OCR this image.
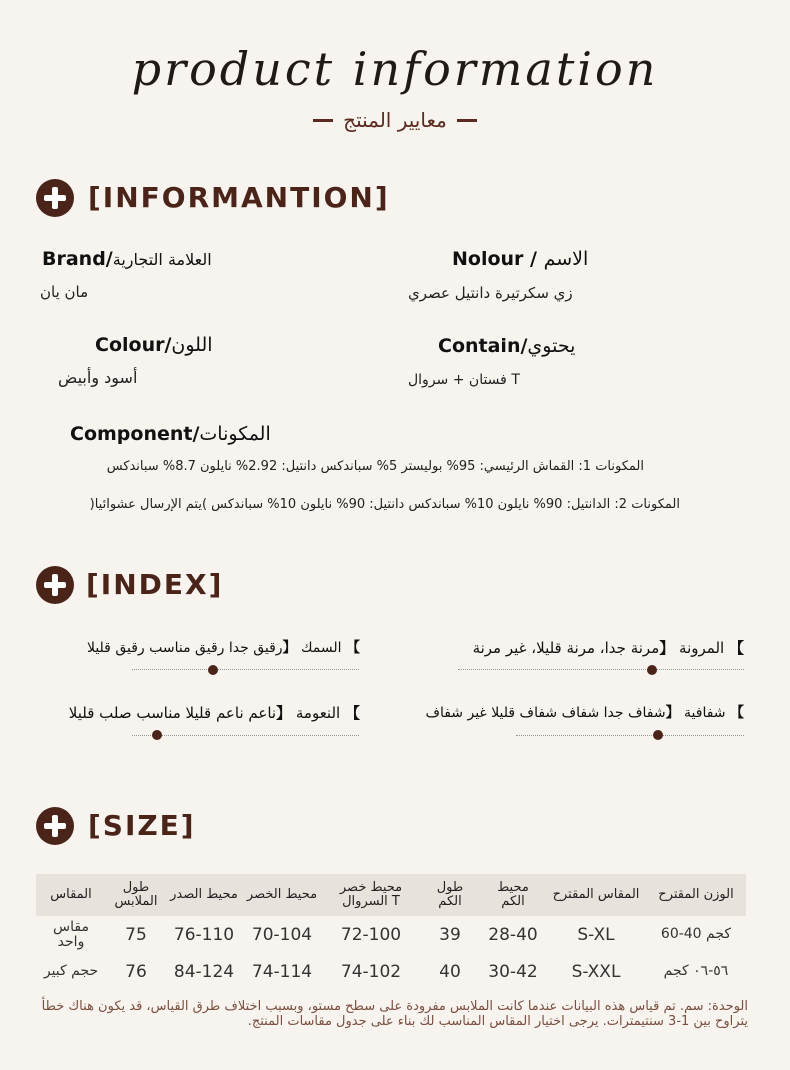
product information
معايير المنتج
[INFORMANTION]
Brand/العلامة التجارية
مان يان
Nolour / الاسم
زي سكرتيرة دانتيل عصري
Colour/اللون
أسود وأبيض
Contain/يحتوي
فستان + سروال T
Component/المكونات
المكونات 1: القماش الرئيسي: 95% بوليستر 5% سباندكس دانتيل: 2.92% نايلون 8.7% سباندكس
المكونات 2: الدانتيل: 90% نايلون 10% سباندكس دانتيل: 90% نايلون 10% سباندكس )يتم الإرسال عشوائيا(
[INDEX]
】 المرونة 【مرنة جدا، مرنة قليلا، غير مرنة
】 السمك 【رقيق جدا رقيق مناسب رقيق قليلا
】 شفافية 【شفاف جدا شفاف شفاف قليلا غير شفاف
】 النعومة 【ناعم ناعم قليلا مناسب صلب قليلا
[SIZE]
المقاس	طول الملابس	محيط الصدر	محيط الخصر	محيط خصر السروال T	طول الكم	محيط الكم	المقاس المقترح	الوزن المقترح
مقاس واحد	75	76-110	70-104	72-100	39	28-40	S-XL	60-40 كجم
حجم كبير	76	84-124	74-114	74-102	40	30-42	S-XXL	٥٦-٠٦ كجم
الوحدة: سم. تم قياس هذه البيانات عندما كانت الملابس مفرودة على سطح مستو، وبسبب اختلاف طرق القياس، قد يكون هناك خطأ يتراوح بين 1-3 سنتيمترات. يرجى اختيار المقاس المناسب لك بناء على جدول مقاسات المنتج.
